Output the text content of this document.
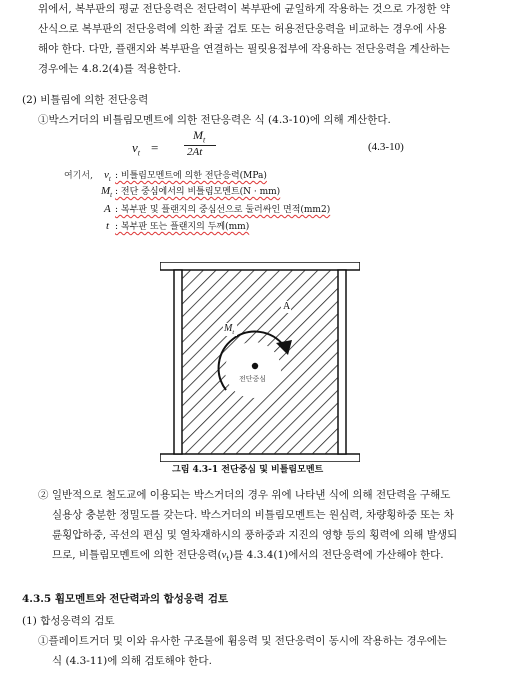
위에서, 복부판의 평균 전단응력은 전단력이 복부판에 균일하게 작용하는 것으로 가정한 약
산식으로 복부판의 전단응력에 의한 좌굴 검토 또는 허용전단응력을 비교하는 경우에 사용
해야 한다. 다만, 플랜지와 복부판을 연결하는 필릿용접부에 작용하는 전단응력을 계산하는
경우에는 4.8.2(4)를 적용한다.
(2) 비틀림에 의한 전단응력
①박스거더의 비틀림모멘트에 의한 전단응력은 식 (4.3-10)에 의해 계산한다.
$v_t$ =
$M_t$
2At	(4.3-10)
여기서, $v_t$ : 비틀림모멘트에 의한 전단응력(MPa)
$M_t$ : 전단 중심에서의 비틀림모멘트(N · mm)
A : 복부판 및 플랜지의 중심선으로 둘러싸인 면적(mm2)
t : 복부판 또는 플랜지의 두께(mm)
A
$M_t$
전단중심
그림 4.3-1 전단중심 및 비틀림모멘트
② 일반적으로 철도교에 이용되는 박스거더의 경우 위에 나타낸 식에 의해 전단력을 구해도
실용상 충분한 정밀도를 갖는다. 박스거더의 비틀림모멘트는 원심력, 차량횡하중 또는 차
륜횡압하중, 곡선의 편심 및 열차재하시의 풍하중과 지진의 영향 등의 횡력에 의해 발생되
므로, 비틀림모멘트에 의한 전단응력$(v_t)$를 4.3.4(1)에서의 전단응력에 가산해야 한다.
4.3.5 휨모멘트와 전단력과의 합성응력 검토
(1) 합성응력의 검토
①플레이트거더 및 이와 유사한 구조물에 휨응력 및 전단응력이 동시에 작용하는 경우에는
식 (4.3-11)에 의해 검토해야 한다.
